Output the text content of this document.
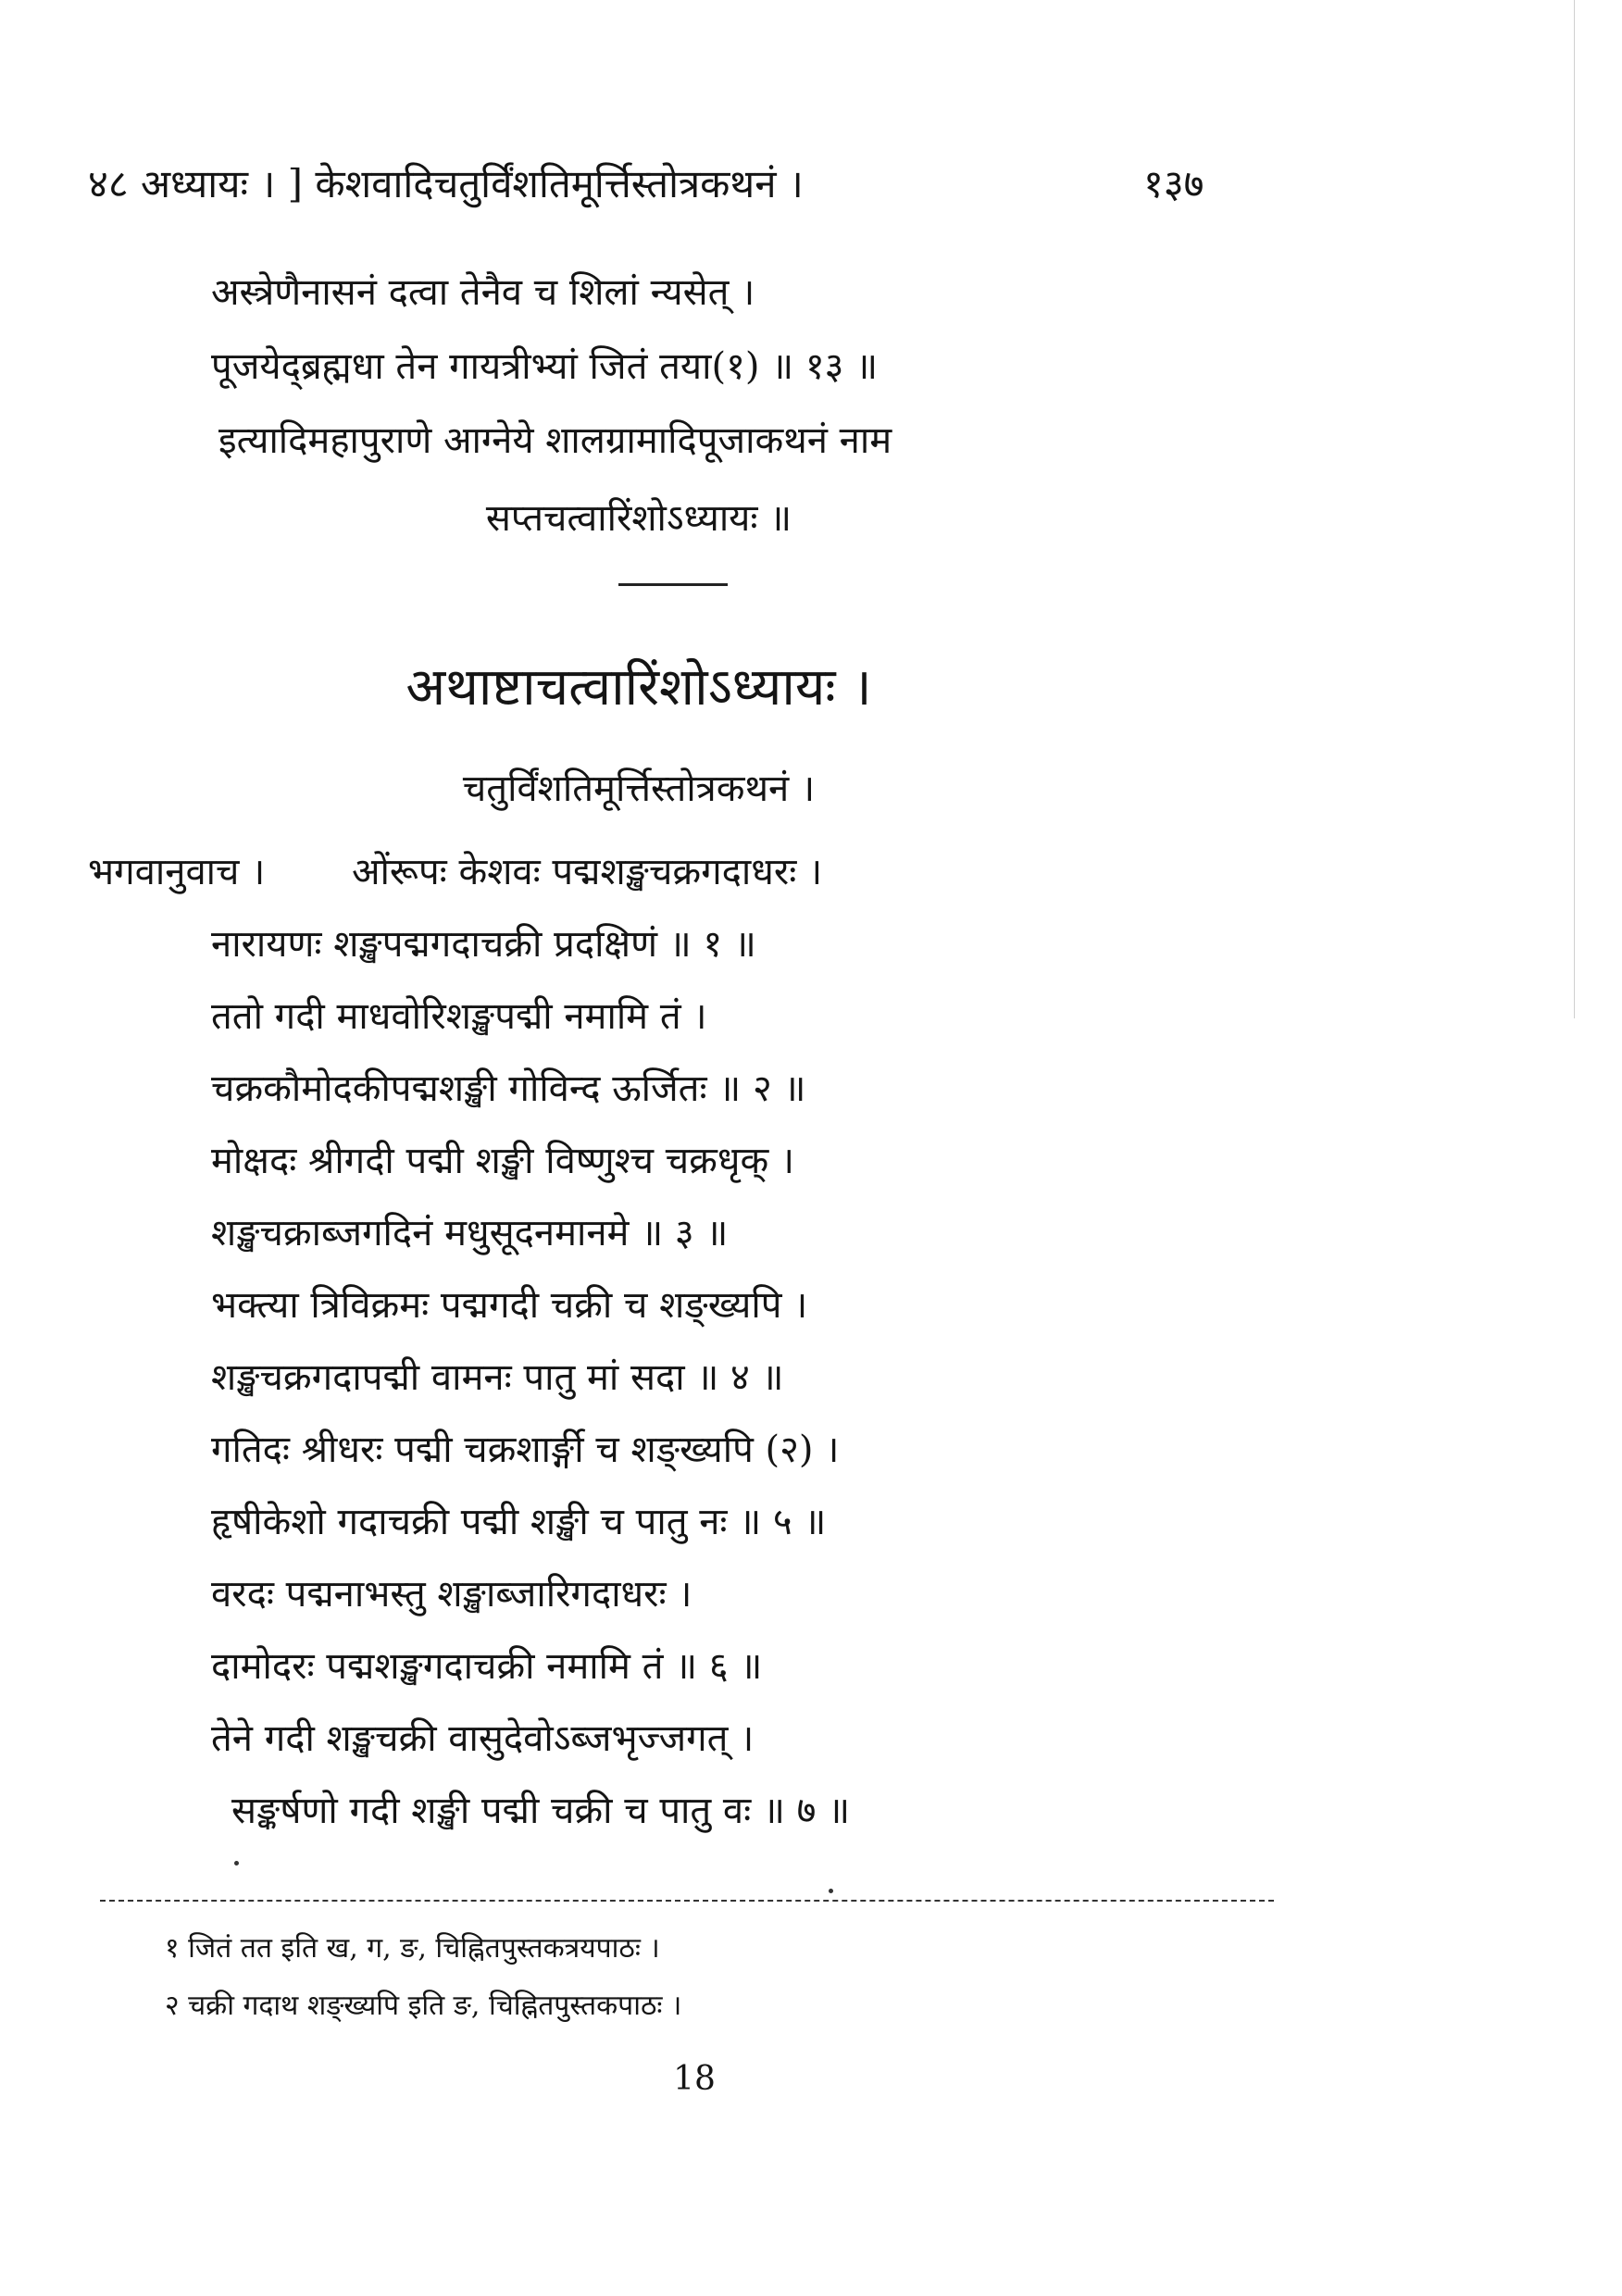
४८ अध्यायः । ] केशवादिचतुर्विंशतिमूर्त्तिस्तोत्रकथनं ।	१३७
अस्त्रेणैनासनं दत्वा तेनैव च शिलां न्यसेत् ।
पूजयेद्‌ब्रह्मधा तेन गायत्रीभ्यां जितं तया(१) ॥ १३ ॥
इत्यादिमहापुराणे आग्नेये शालग्रामादिपूजाकथनं नाम
सप्तचत्वारिंशोऽध्यायः ॥
अथाष्टाचत्वारिंशोऽध्यायः ।
चतुर्विंशतिमूर्त्तिस्तोत्रकथनं ।
भगवानुवाच । ओंरूपः केशवः पद्मशङ्खचक्रगदाधरः ।
नारायणः शङ्खपद्मगदाचक्री प्रदक्षिणं ॥ १ ॥
ततो गदी माधवोरिशङ्खपद्मी नमामि तं ।
चक्रकौमोदकीपद्मशङ्खी गोविन्द ऊर्जितः ॥ २ ॥
मोक्षदः श्रीगदी पद्मी शङ्खी विष्णुश्च चक्रधृक् ।
शङ्खचक्राब्जगदिनं मधुसूदनमानमे ॥ ३ ॥
भक्त्या त्रिविक्रमः पद्मगदी चक्री च शङ्ख्यपि ।
शङ्खचक्रगदापद्मी वामनः पातु मां सदा ॥ ४ ॥
गतिदः श्रीधरः पद्मी चक्रशार्ङ्गी च शङ्ख्यपि (२) ।
हृषीकेशो गदाचक्री पद्मी शङ्खी च पातु नः ॥ ५ ॥
वरदः पद्मनाभस्तु शङ्खाब्जारिगदाधरः ।
दामोदरः पद्मशङ्खगदाचक्री नमामि तं ॥ ६ ॥
तेने गदी शङ्खचक्री वासुदेवोऽब्जभृज्जगत् ।
सङ्कर्षणो गदी शङ्खी पद्मी चक्री च पातु वः ॥ ७ ॥
१ जितं तत इति ख, ग, ङ, चिह्नितपुस्तकत्रयपाठः ।
२ चक्री गदाथ शङ्ख्यपि इति ङ, चिह्नितपुस्तकपाठः ।
18
